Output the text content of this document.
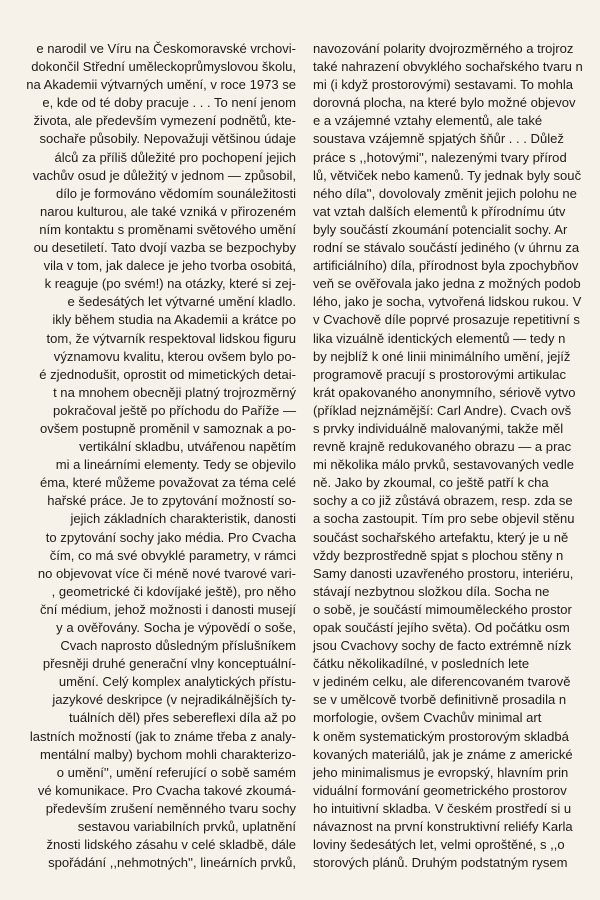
e narodil ve Víru na Českomoravské vrchovi-
dokončil Střední uměleckoprůmyslovou školu,
na Akademii výtvarných umění, v roce 1973 se
e, kde od té doby pracuje . . . To není jenom
života, ale především vymezení podnětů, kte-
sochaře působily. Nepovažuji většinou údaje
álců za příliš důležité pro pochopení jejich
vachův osud je důležitý v jednom — způsobil,
dílo je formováno vědomím sounáležitosti
narou kulturou, ale také vzniká v přirozeném
ním kontaktu s proměnami světového umění
ou desetiletí. Tato dvojí vazba se bezpochyby
vila v tom, jak dalece je jeho tvorba osobitá,
k reaguje (po svém!) na otázky, které si zej-
e šedesátých let výtvarné umění kladlo.
ikly během studia na Akademii a krátce po
tom, že výtvarník respektoval lidskou figuru
významovu kvalitu, kterou ovšem bylo po-
é zjednodušit, oprostit od mimetických detai-
t na mnohem obecněji platný trojrozměrný
pokračoval ještě po příchodu do Paříže —
ovšem postupně proměnil v samoznak a po-
vertikální skladbu, utvářenou napětím
mi a lineárními elementy. Tedy se objevilo
éma, které můžeme považovat za téma celé
hařské práce. Je to zpytování možností so-
jejich základních charakteristik, danosti
to zpytování sochy jako média. Pro Cvacha
čím, co má své obvyklé parametry, v rámci
no objevovat více či méně nové tvarové vari-
, geometrické či kdovíjaké ještě), pro něho
ční médium, jehož možnosti i danosti musejí
y a ověřovány. Socha je výpovědí o soše,
Cvach naprosto důsledným příslušníkem
přesněji druhé generační vlny konceptuální-
umění. Celý komplex analytických přístu-
jazykové deskripce (v nejradikálnějších ty-
tuálních děl) přes sebereflexi díla až po
lastních možností (jak to známe třeba z analy-
mentální malby) bychom mohli charakterizo-
o umění'', umění referující o sobě samém
vé komunikace. Pro Cvacha takové zkoumá-
především zrušení neměnného tvaru sochy
sestavou variabilních prvků, uplatnění
žnosti lidského zásahu v celé skladbě, dále
spořádání ,,nehmotných'', lineárních prvků,
navozování polarity dvojrozměrného a trojroz
také nahrazení obvyklého sochařského tvaru n
mi (i když prostorovými) sestavami. To mohla
dorovná plocha, na které bylo možné objevov
e a vzájemné vztahy elementů, ale také
soustava vzájemně spjatých šňůr . . . Důlež
práce s ,,hotovými'', nalezenými tvary přírod
lů, větviček nebo kamenů. Ty jednak byly souč
ného díla'', dovolovaly změnit jejich polohu ne
vat vztah dalších elementů k přírodnímu útv
byly součástí zkoumání potencialit sochy. Ar
rodní se stávalo součástí jediného (v úhrnu za
artificiálního) díla, přírodnost byla zpochybňov
veň se ověřovala jako jedna z možných podob
lého, jako je socha, vytvořená lidskou rukou. V
v Cvachově díle poprvé prosazuje repetitivní s
lika vizuálně identických elementů — tedy n
by nejblíž k oné linii minimálního umění, jejíž
programově pracují s prostorovými artikulac
krát opakovaného anonymního, sériově vytvo
(příklad nejznámější: Carl Andre). Cvach ovš
s prvky individuálně malovanými, takže měl
revně krajně redukovaného obrazu — a prac
mi několika málo prvků, sestavovaných vedle
ně. Jako by zkoumal, co ještě patří k cha
sochy a co již zůstává obrazem, resp. zda se
a socha zastoupit. Tím pro sebe objevil stěnu
součást sochařského artefaktu, který je u ně
vždy bezprostředně spjat s plochou stěny n
Samy danosti uzavřeného prostoru, interiéru,
stávají nezbytnou složkou díla. Socha ne
o sobě, je součástí mimouměleckého prostor
opak součástí jejího světa). Od počátku osm
jsou Cvachovy sochy de facto extrémně nízk
čátku několikadílné, v posledních lete
v jediném celku, ale diferencovaném tvarově
se v umělcově tvorbě definitivně prosadila n
morfologie, ovšem Cvachův minimal art
k oněm systematickým prostorovým skladbá
kovaných materiálů, jak je známe z americké
jeho minimalismus je evropský, hlavním prin
viduální formování geometrického prostorov
ho intuitivní skladba. V českém prostředí si u
návaznost na první konstruktivní reliéfy Karla
loviny šedesátých let, velmi oproštěné, s ,,o
storových plánů. Druhým podstatným rysem
